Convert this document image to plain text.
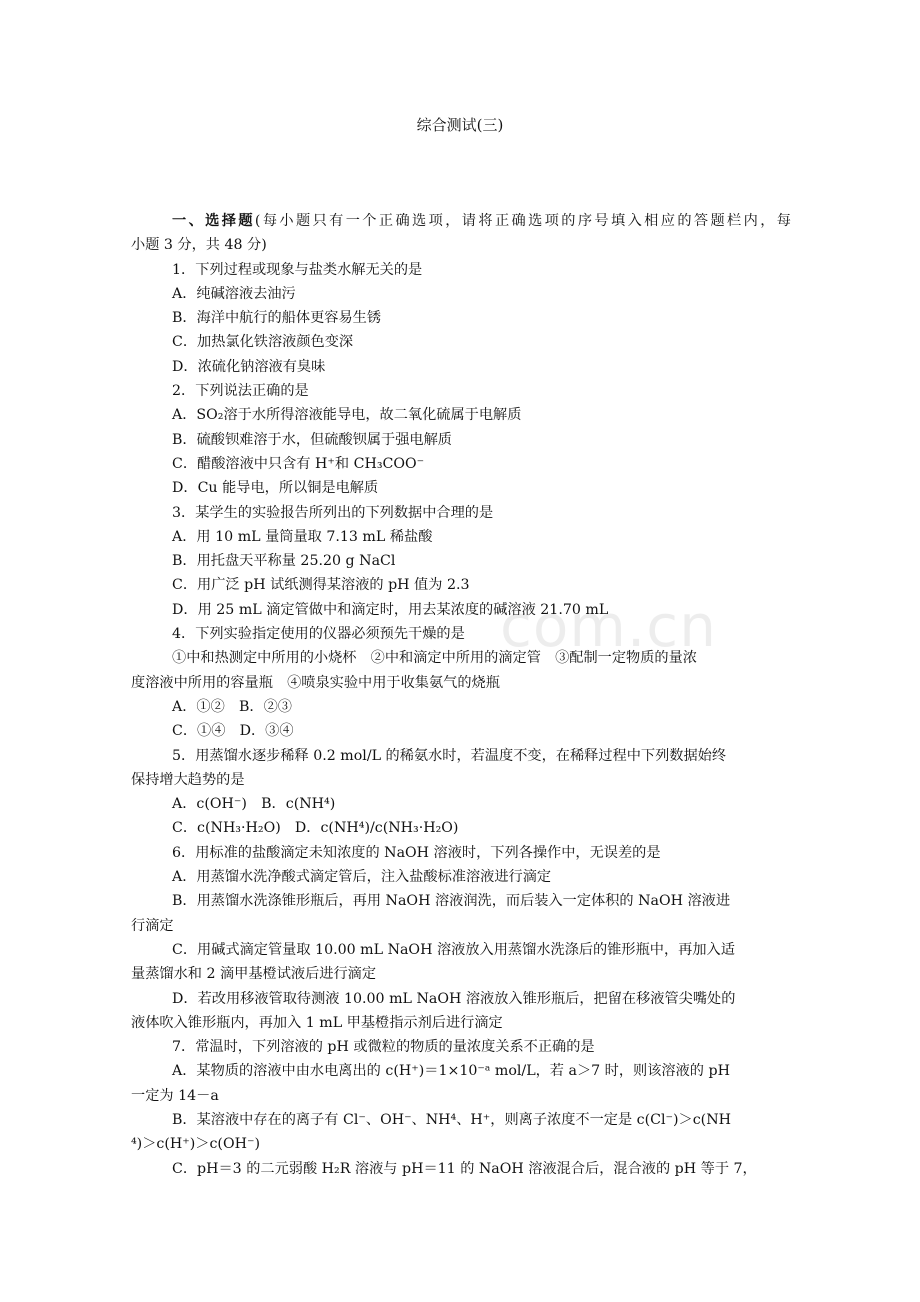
综合测试(三)
com.cn
一、选择题(每小题只有一个正确选项，请将正确选项的序号填入相应的答题栏内，每
小题 3 分，共 48 分)
1．下列过程或现象与盐类水解无关的是
A．纯碱溶液去油污
B．海洋中航行的船体更容易生锈
C．加热氯化铁溶液颜色变深
D．浓硫化钠溶液有臭味
2．下列说法正确的是
A．SO₂溶于水所得溶液能导电，故二氧化硫属于电解质
B．硫酸钡难溶于水，但硫酸钡属于强电解质
C．醋酸溶液中只含有 H⁺和 CH₃COO⁻
D．Cu 能导电，所以铜是电解质
3．某学生的实验报告所列出的下列数据中合理的是
A．用 10 mL 量筒量取 7.13 mL 稀盐酸
B．用托盘天平称量 25.20 g NaCl
C．用广泛 pH 试纸测得某溶液的 pH 值为 2.3
D．用 25 mL 滴定管做中和滴定时，用去某浓度的碱溶液 21.70 mL
4．下列实验指定使用的仪器必须预先干燥的是
①中和热测定中所用的小烧杯　②中和滴定中所用的滴定管　③配制一定物质的量浓
度溶液中所用的容量瓶　④喷泉实验中用于收集氨气的烧瓶
A．①②　B．②③
C．①④　D．③④
5．用蒸馏水逐步稀释 0.2 mol/L 的稀氨水时，若温度不变，在稀释过程中下列数据始终
保持增大趋势的是
A．c(OH⁻)　B．c(NH⁴)
C．c(NH₃·H₂O)　D．c(NH⁴)/c(NH₃·H₂O)
6．用标准的盐酸滴定未知浓度的 NaOH 溶液时，下列各操作中，无误差的是
A．用蒸馏水洗净酸式滴定管后，注入盐酸标准溶液进行滴定
B．用蒸馏水洗涤锥形瓶后，再用 NaOH 溶液润洗，而后装入一定体积的 NaOH 溶液进
行滴定
C．用碱式滴定管量取 10.00 mL NaOH 溶液放入用蒸馏水洗涤后的锥形瓶中，再加入适
量蒸馏水和 2 滴甲基橙试液后进行滴定
D．若改用移液管取待测液 10.00 mL NaOH 溶液放入锥形瓶后，把留在移液管尖嘴处的
液体吹入锥形瓶内，再加入 1 mL 甲基橙指示剂后进行滴定
7．常温时，下列溶液的 pH 或微粒的物质的量浓度关系不正确的是
A．某物质的溶液中由水电离出的 c(H⁺)＝1×10⁻ᵃ mol/L，若 a＞7 时，则该溶液的 pH
一定为 14－a
B．某溶液中存在的离子有 Cl⁻、OH⁻、NH⁴、H⁺，则离子浓度不一定是 c(Cl⁻)＞c(NH
⁴)＞c(H⁺)＞c(OH⁻)
C．pH＝3 的二元弱酸 H₂R 溶液与 pH＝11 的 NaOH 溶液混合后，混合液的 pH 等于 7，
